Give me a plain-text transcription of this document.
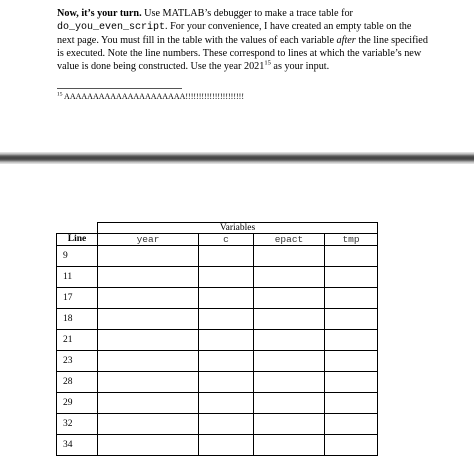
Now, it’s your turn. Use MATLAB’s debugger to make a trace table for
do_you_even_script. For your convenience, I have created an empty table on the next page. You must fill in the table with the values of each variable after the line specified is executed. Note the line numbers. These correspond to lines at which the variable’s new value is done being constructed. Use the year 2021$^{15}$ as your input.
$^{15}$ AAAAAAAAAAAAAAAAAAAAA!!!!!!!!!!!!!!!!!!!!!!
	Variables			
Line	year	c	epact	tmp
9				
11				
17				
18				
21				
23				
28				
29				
32				
34				
